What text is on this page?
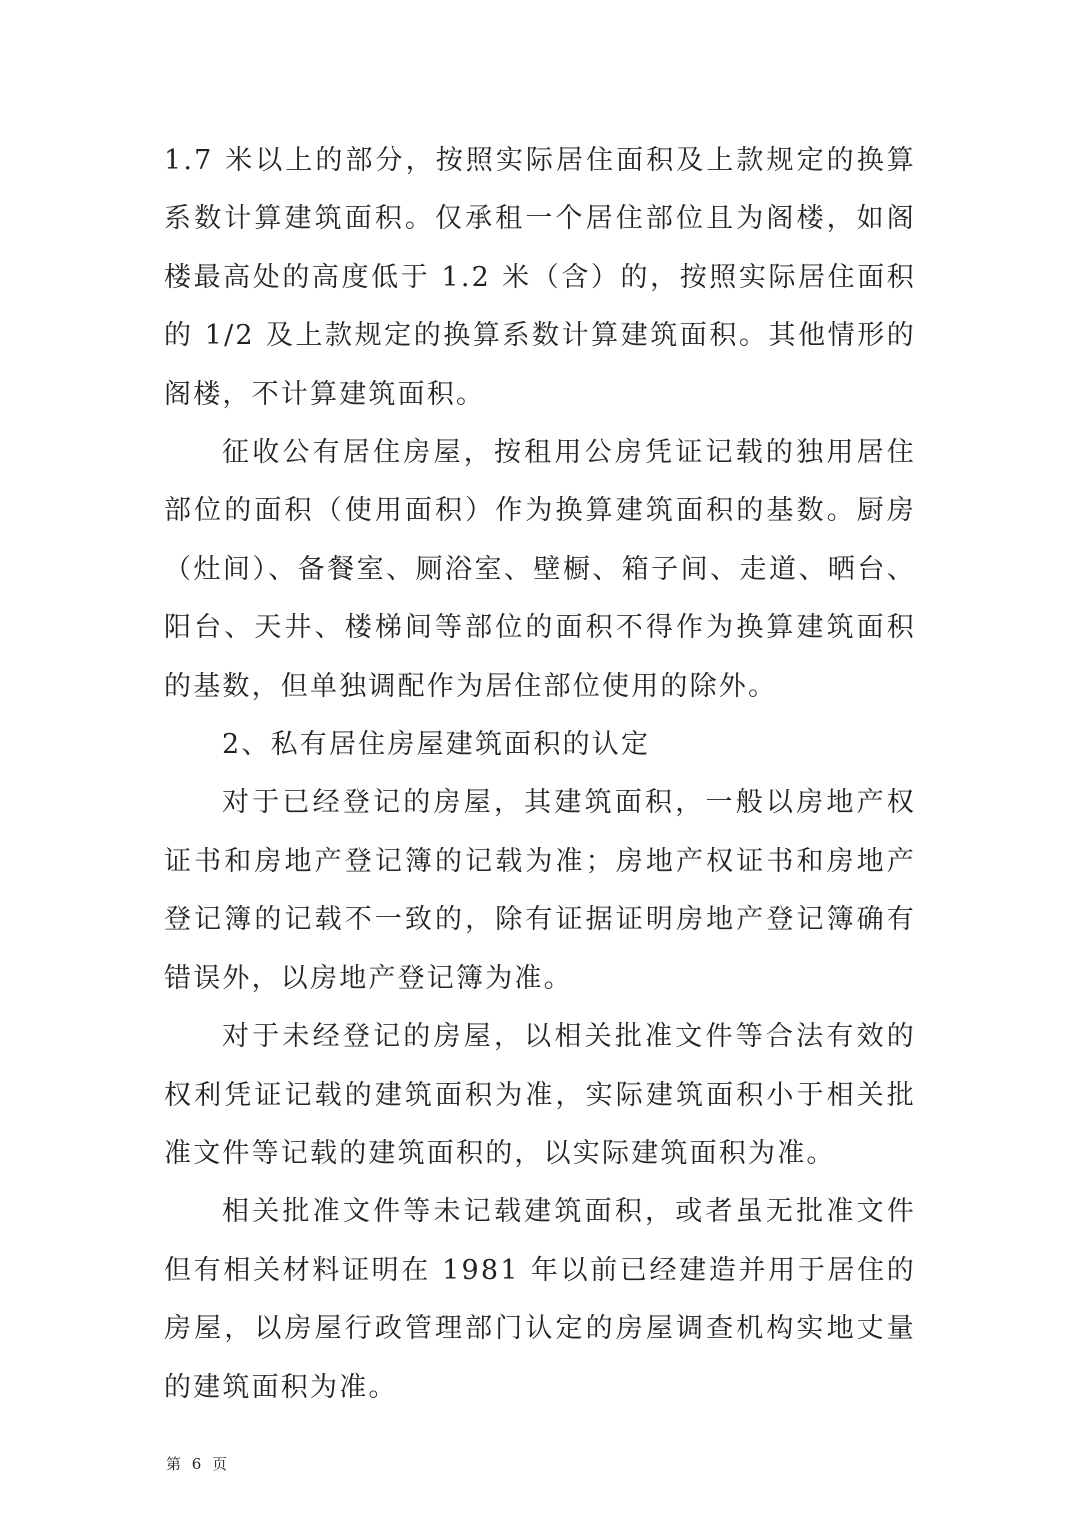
1.7 米以上的部分，按照实际居住面积及上款规定的换算系数计算建筑面积。仅承租一个居住部位且为阁楼，如阁楼最高处的高度低于 1.2 米（含）的，按照实际居住面积的 1/2 及上款规定的换算系数计算建筑面积。其他情形的阁楼，不计算建筑面积。

征收公有居住房屋，按租用公房凭证记载的独用居住部位的面积（使用面积）作为换算建筑面积的基数。厨房（灶间）、备餐室、厕浴室、壁橱、箱子间、走道、晒台、阳台、天井、楼梯间等部位的面积不得作为换算建筑面积的基数，但单独调配作为居住部位使用的除外。

2、私有居住房屋建筑面积的认定

对于已经登记的房屋，其建筑面积，一般以房地产权证书和房地产登记簿的记载为准；房地产权证书和房地产登记簿的记载不一致的，除有证据证明房地产登记簿确有错误外，以房地产登记簿为准。

对于未经登记的房屋，以相关批准文件等合法有效的权利凭证记载的建筑面积为准，实际建筑面积小于相关批准文件等记载的建筑面积的，以实际建筑面积为准。

相关批准文件等未记载建筑面积，或者虽无批准文件但有相关材料证明在 1981 年以前已经建造并用于居住的房屋，以房屋行政管理部门认定的房屋调查机构实地丈量的建筑面积为准。

第 6 页
